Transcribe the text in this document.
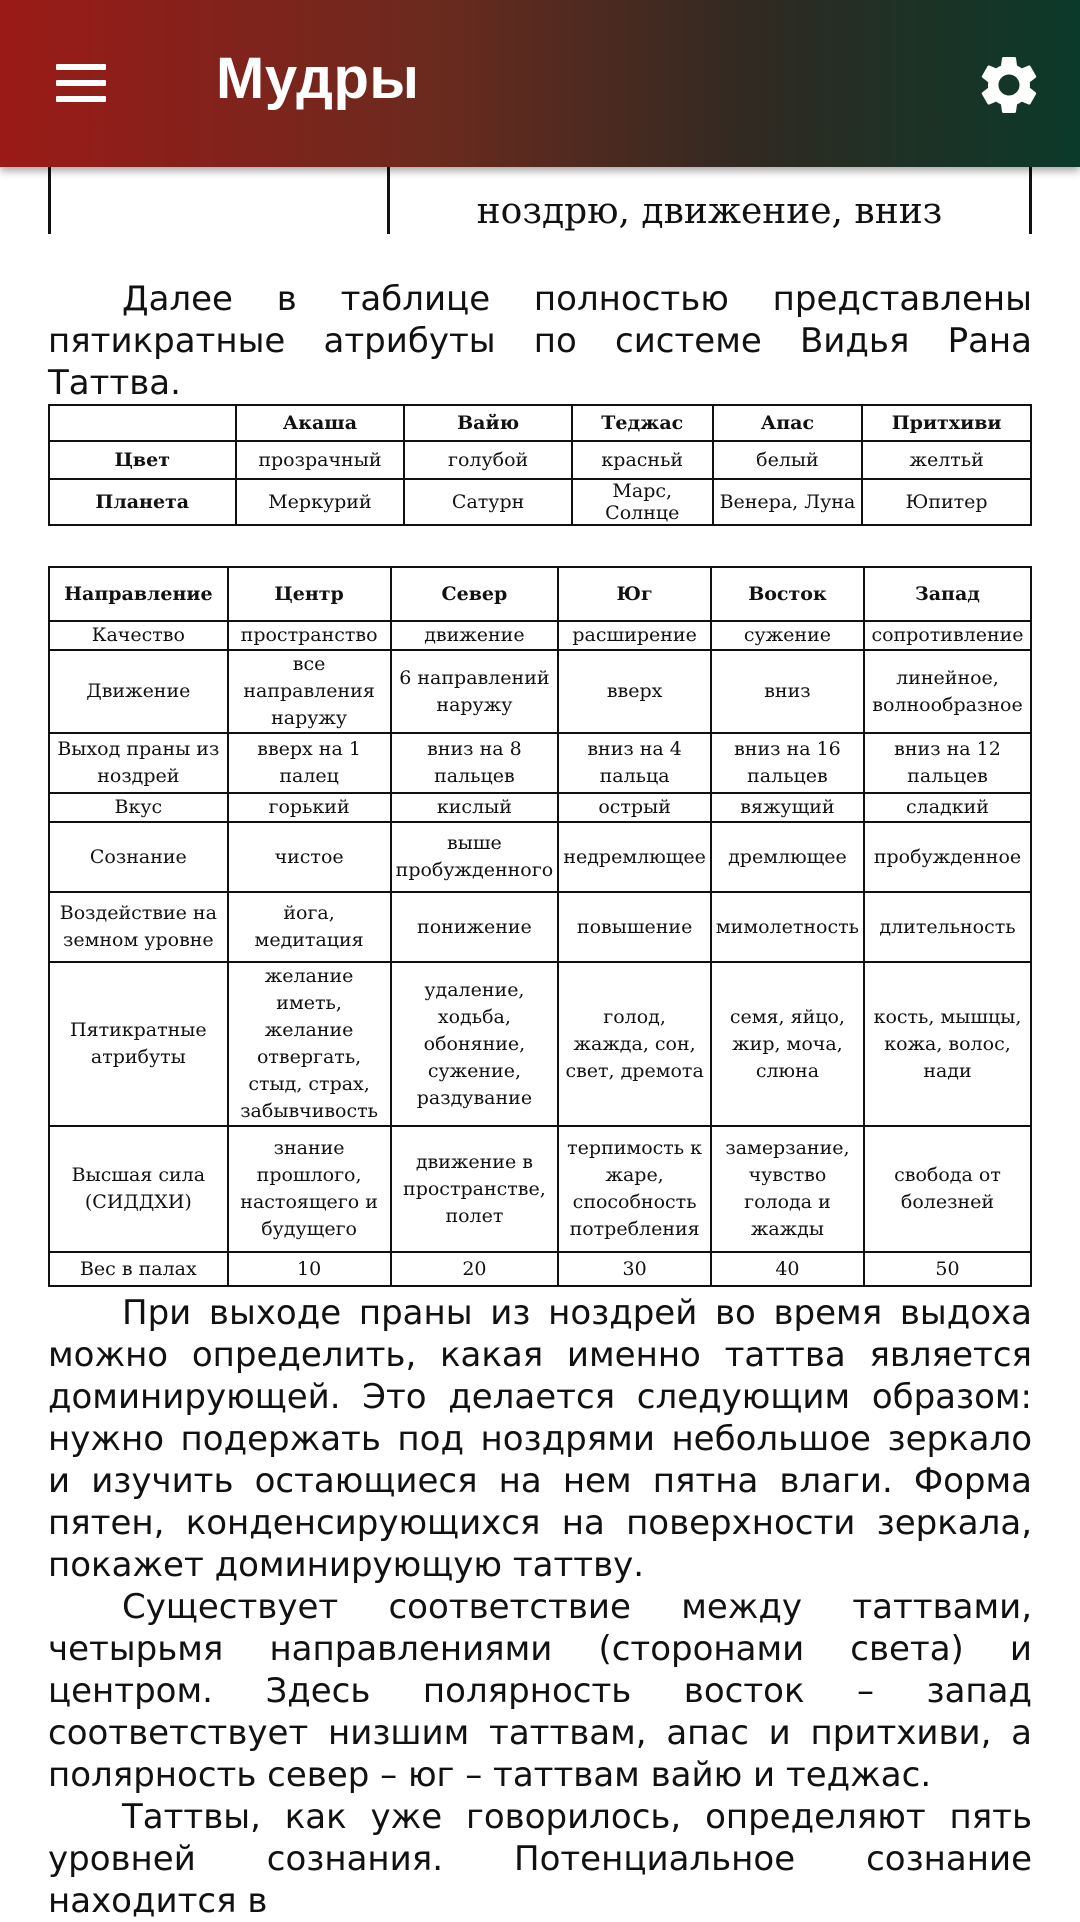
	ноздрю, движение, вниз

Далее в таблице полностью представлены пятикратные атрибуты по системе Видья Рана Таттва.

	Акаша	Вайю	Теджас	Апас	Притхиви
Цвет	прозрачный	голубой	красньй	белый	желтьй
Планета	Меркурий	Сатурн	Марс, Солнце	Венера, Луна	Юпитер
Направление	Центр	Север	Юг	Восток	Запад
Качество	пространство	движение	расширение	сужение	сопротивление
Движение	все направления наружу	6 направлений наружу	вверх	вниз	линейное, волнообразное
Выход праны из ноздрей	вверх на 1 палец	вниз на 8 пальцев	вниз на 4 пальца	вниз на 16 пальцев	вниз на 12 пальцев
Вкус	горький	кислый	острый	вяжущий	сладкий
Сознание	чистое	выше пробужденного	недремлющее	дремлющее	пробужденное
Воздействие на земном уровне	йога, медитация	понижение	повышение	мимолетность	длительность
Пятикратные атрибуты	желание иметь, желание отвергать, стыд, страх, забывчивость	удаление, ходьба, обоняние, сужение, раздувание	голод, жажда, сон, свет, дремота	семя, яйцо, жир, моча, слюна	кость, мышцы, кожа, волос, нади
Высшая сила (СИДДХИ)	знание прошлого, настоящего и будущего	движение в пространстве, полет	терпимость к жаре, способность потребления	замерзание, чувство голода и жажды	свобода от болезней
Вес в палах	10	20	30	40	50

При выходе праны из ноздрей во время выдоха можно определить, какая именно таттва является доминирующей. Это делается следующим образом: нужно подержать под ноздрями небольшое зеркало и изучить остающиеся на нем пятна влаги. Форма пятен, конденсирующихся на поверхности зеркала, покажет доминирующую таттву.

Существует соответствие между таттвами, четырьмя направлениями (сторонами света) и центром. Здесь полярность восток – запад соответствует низшим таттвам, апас и притхиви, а полярность север – юг – таттвам вайю и теджас.

Таттвы, как уже говорилось, определяют пять уровней сознания. Потенциальное сознание находится в

Мудры
